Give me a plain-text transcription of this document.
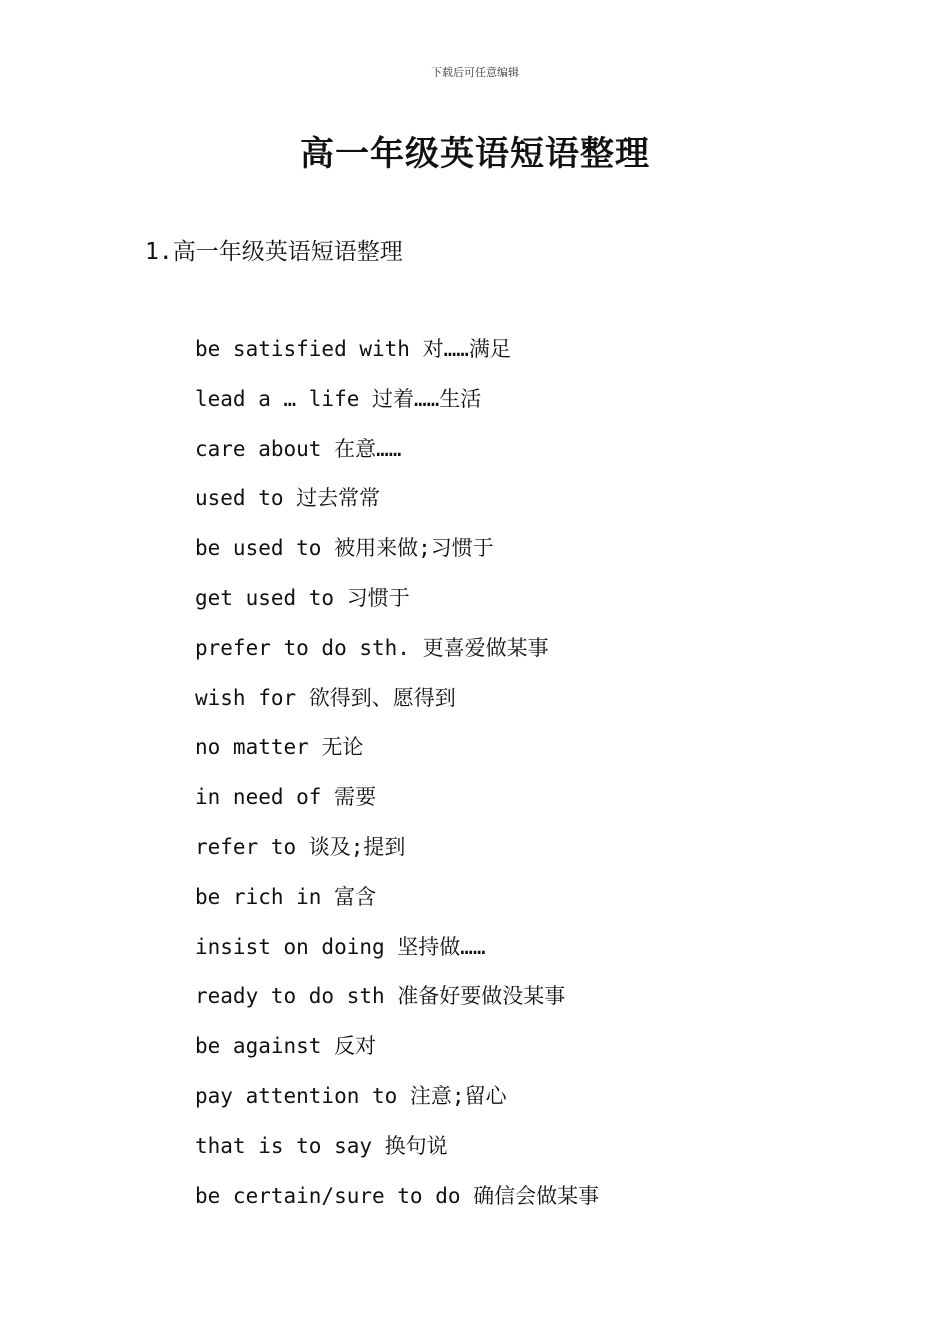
下载后可任意编辑
高一年级英语短语整理
1.高一年级英语短语整理
be satisfied with 对……满足
lead a … life 过着……生活
care about 在意……
used to 过去常常
be used to 被用来做;习惯于
get used to 习惯于
prefer to do sth. 更喜爱做某事
wish for 欲得到、愿得到
no matter 无论
in need of 需要
refer to 谈及;提到
be rich in 富含
insist on doing 坚持做……
ready to do sth 准备好要做没某事
be against 反对
pay attention to 注意;留心
that is to say 换句说
be certain/sure to do 确信会做某事
